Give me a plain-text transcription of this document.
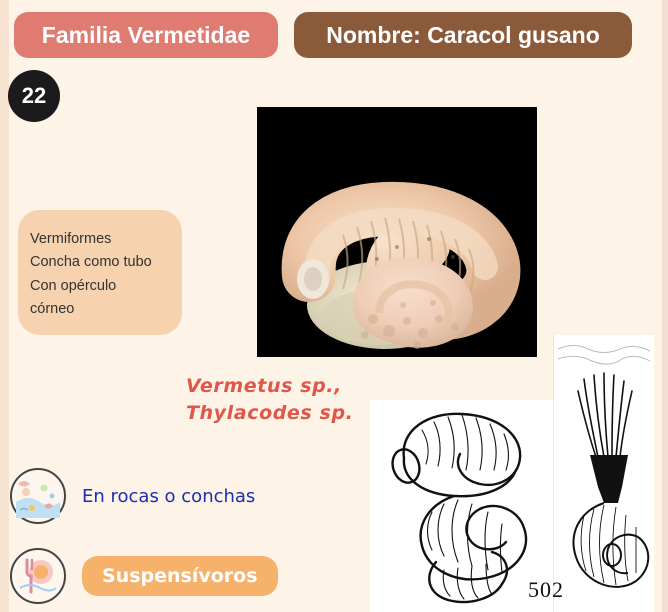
Familia Vermetidae	Nombre: Caracol gusano
22
Vermiformes
Concha como tubo
Con opérculo
córneo
Vermetus sp.,
Thylacodes sp.
En rocas o conchas
Suspensívoros
502
